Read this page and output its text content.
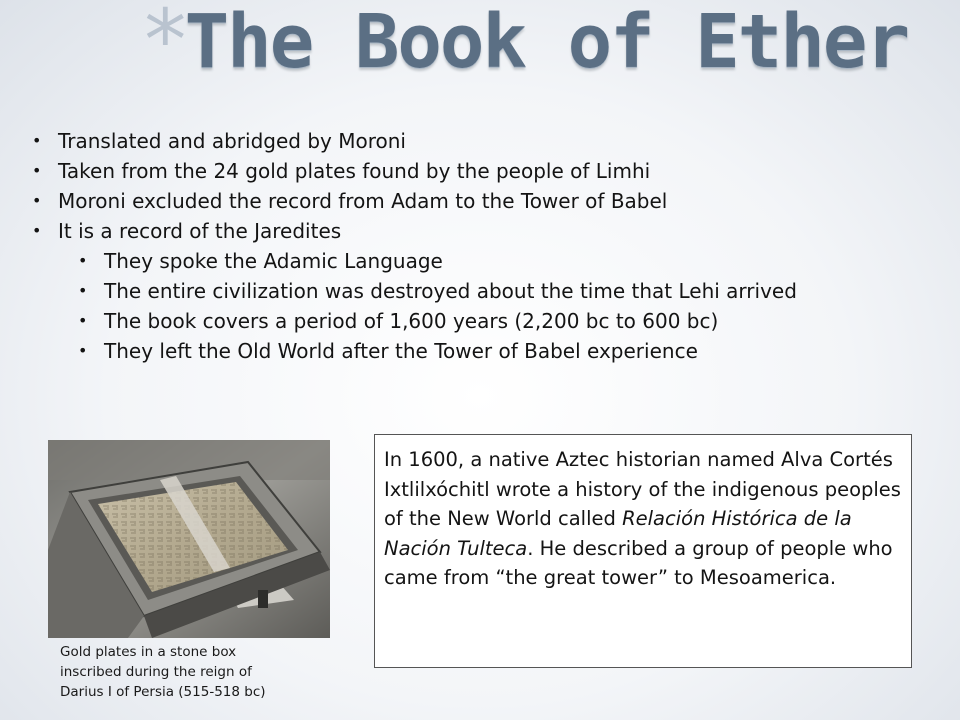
*
The Book of Ether
• Translated and abridged by Moroni
• Taken from the 24 gold plates found by the people of Limhi
• Moroni excluded the record from Adam to the Tower of Babel
• It is a record of the Jaredites
• They spoke the Adamic Language
• The entire civilization was destroyed about the time that Lehi arrived
• The book covers a period of 1,600 years (2,200 bc to 600 bc)
• They left the Old World after the Tower of Babel experience
Gold plates in a stone box
inscribed during the reign of
Darius I of Persia (515-518 bc)
In 1600, a native Aztec historian named Alva Cortés Ixtlilxóchitl wrote a history of the indigenous peoples of the New World called Relación Histórica de la Nación Tulteca. He described a group of people who came from “the great tower” to Mesoamerica.
